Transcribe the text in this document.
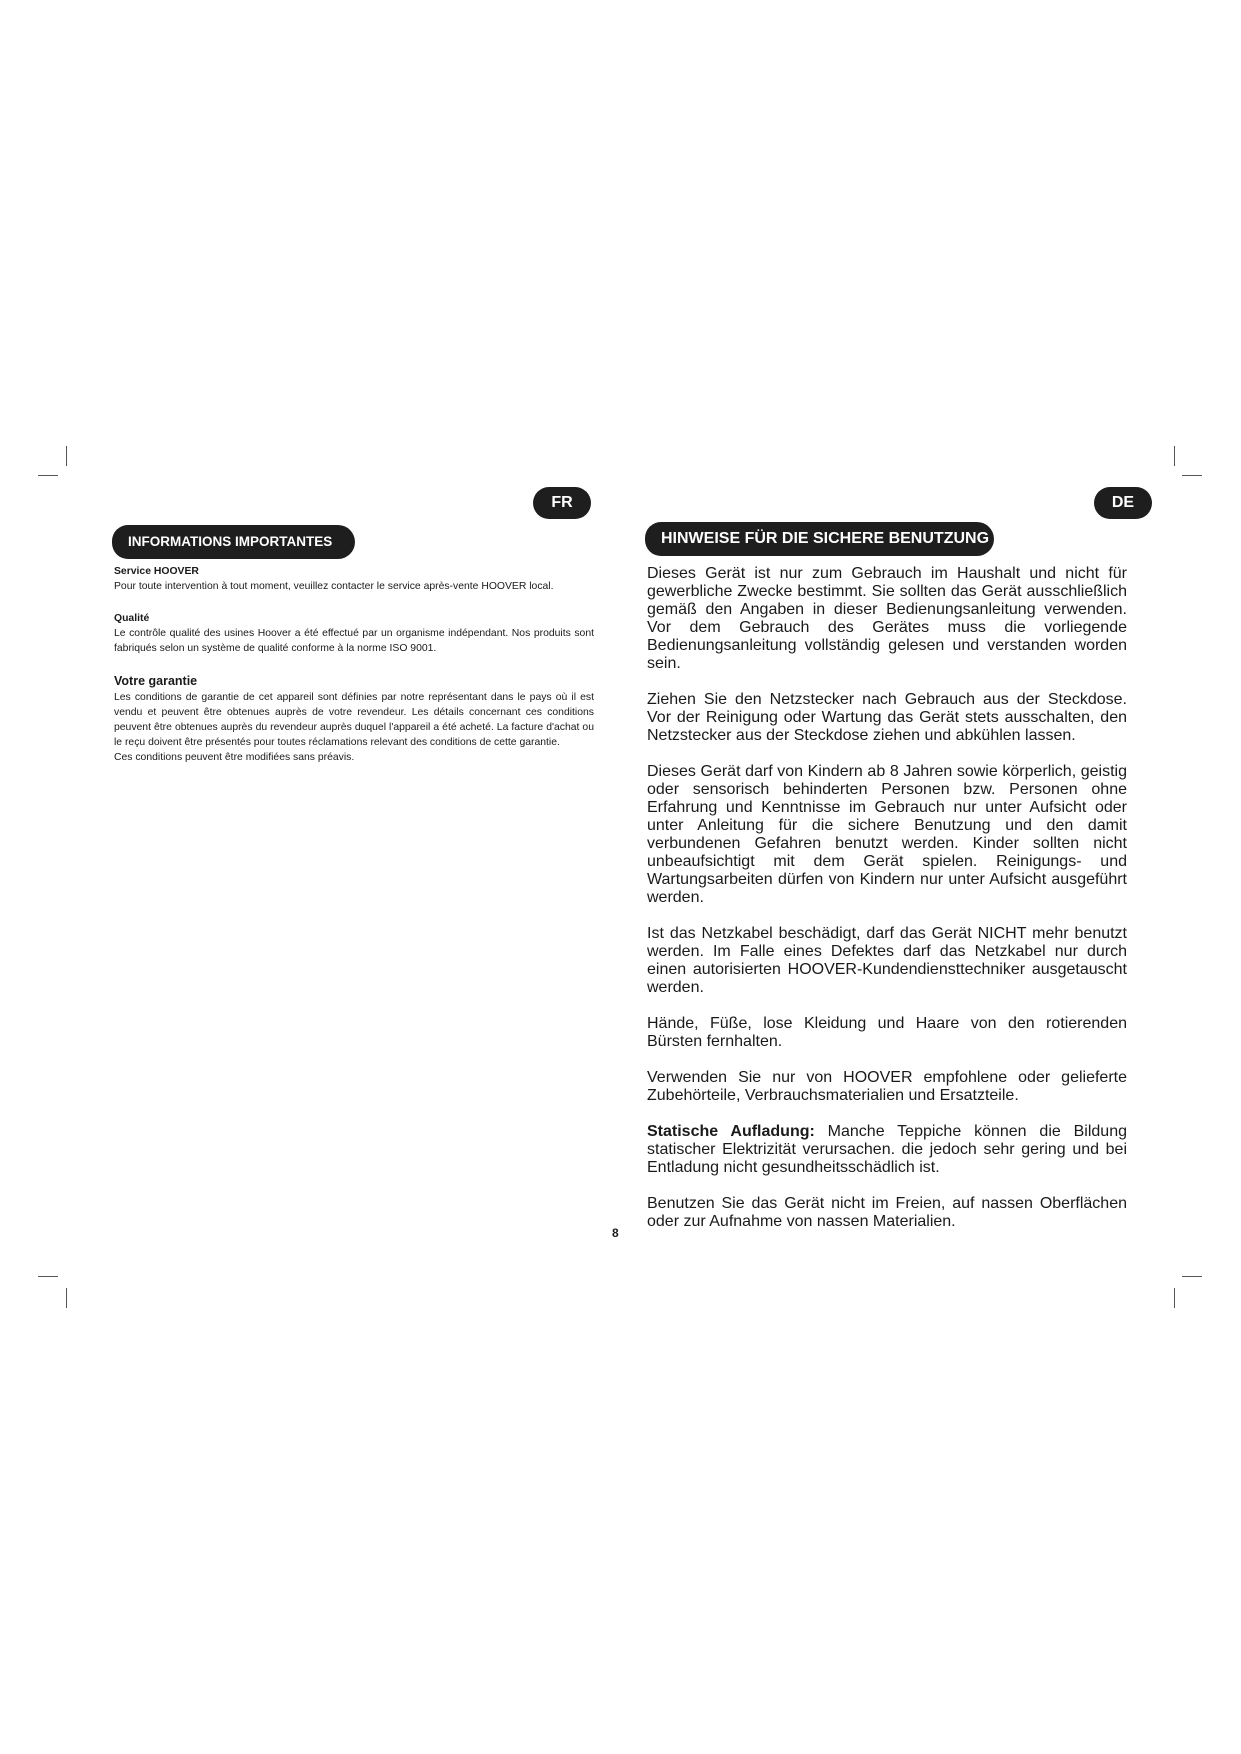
FR
INFORMATIONS IMPORTANTES

Service HOOVER

Pour toute intervention à tout moment, veuillez contacter le service après-vente HOOVER local.

Qualité

Le contrôle qualité des usines Hoover a été effectué par un organisme indépendant. Nos produits sont fabriqués selon un système de qualité conforme à la norme ISO 9001.

Votre garantie

Les conditions de garantie de cet appareil sont définies par notre représentant dans le pays où il est vendu et peuvent être obtenues auprès de votre revendeur. Les détails concernant ces conditions peuvent être obtenues auprès du revendeur auprès duquel l'appareil a été acheté. La facture d'achat ou le reçu doivent être présentés pour toutes réclamations relevant des conditions de cette garantie.

Ces conditions peuvent être modifiées sans préavis.

DE
HINWEISE FÜR DIE SICHERE BENUTZUNG

Dieses Gerät ist nur zum Gebrauch im Haushalt und nicht für gewerbliche Zwecke bestimmt. Sie sollten das Gerät ausschließlich gemäß den Angaben in dieser Bedienungsanleitung verwenden. Vor dem Gebrauch des Gerätes muss die vorliegende Bedienungsanleitung vollständig gelesen und verstanden worden sein.

Ziehen Sie den Netzstecker nach Gebrauch aus der Steckdose. Vor der Reinigung oder Wartung das Gerät stets ausschalten, den Netzstecker aus der Steckdose ziehen und abkühlen lassen.

Dieses Gerät darf von Kindern ab 8 Jahren sowie körperlich, geistig oder sensorisch behinderten Personen bzw. Personen ohne Erfahrung und Kenntnisse im Gebrauch nur unter Aufsicht oder unter Anleitung für die sichere Benutzung und den damit verbundenen Gefahren benutzt werden. Kinder sollten nicht unbeaufsichtigt mit dem Gerät spielen. Reinigungs- und Wartungsarbeiten dürfen von Kindern nur unter Aufsicht ausgeführt werden.

Ist das Netzkabel beschädigt, darf das Gerät NICHT mehr benutzt werden. Im Falle eines Defektes darf das Netzkabel nur durch einen autorisierten HOOVER-Kundendiensttechniker ausgetauscht werden.

Hände, Füße, lose Kleidung und Haare von den rotierenden Bürsten fernhalten.

Verwenden Sie nur von HOOVER empfohlene oder gelieferte Zubehörteile, Verbrauchsmaterialien und Ersatzteile.

Statische Aufladung: Manche Teppiche können die Bildung statischer Elektrizität verursachen. die jedoch sehr gering und bei Entladung nicht gesundheitsschädlich ist.

Benutzen Sie das Gerät nicht im Freien, auf nassen Oberflächen oder zur Aufnahme von nassen Materialien.

8
